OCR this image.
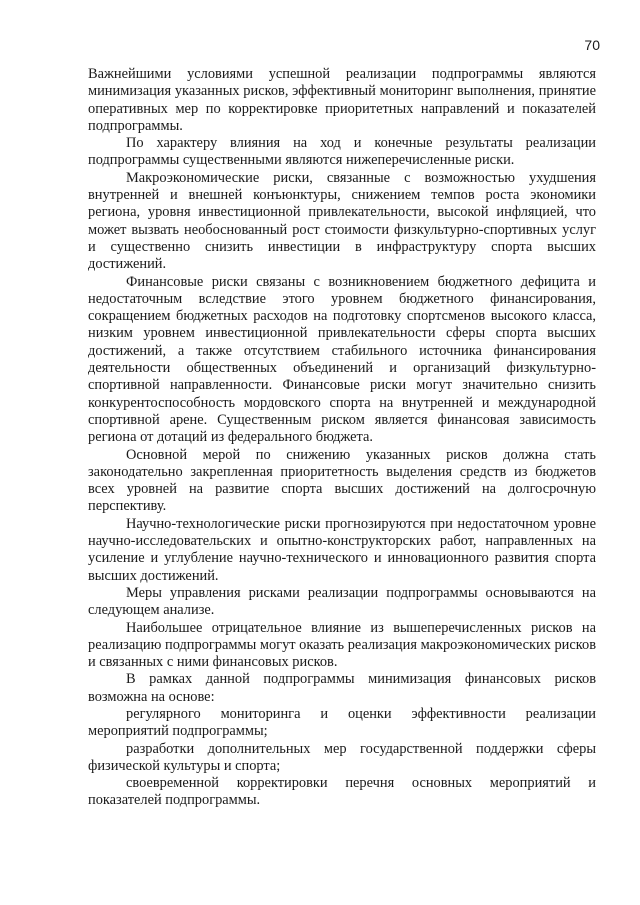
70

Важнейшими условиями успешной реализации подпрограммы являются минимизация указанных рисков, эффективный мониторинг выполнения, принятие оперативных мер по корректировке приоритетных направлений и показателей подпрограммы.

По характеру влияния на ход и конечные результаты реализации подпрограммы существенными являются нижеперечисленные риски.

Макроэкономические риски, связанные с возможностью ухудшения внутренней и внешней конъюнктуры, снижением темпов роста экономики региона, уровня инвестиционной привлекательности, высокой инфляцией, что может вызвать необоснованный рост стоимости физкультурно-спортивных услуг и существенно снизить инвестиции в инфраструктуру спорта высших достижений.

Финансовые риски связаны с возникновением бюджетного дефицита и недостаточным вследствие этого уровнем бюджетного финансирования, сокращением бюджетных расходов на подготовку спортсменов высокого класса, низким уровнем инвестиционной привлекательности сферы спорта высших достижений, а также отсутствием стабильного источника финансирования деятельности общественных объединений и организаций физкультурно-спортивной направленности. Финансовые риски могут значительно снизить конкурентоспособность мордовского спорта на внутренней и международной спортивной арене. Существенным риском является финансовая зависимость региона от дотаций из федерального бюджета.

Основной мерой по снижению указанных рисков должна стать законодательно закрепленная приоритетность выделения средств из бюджетов всех уровней на развитие спорта высших достижений на долгосрочную перспективу.

Научно-технологические риски прогнозируются при недостаточном уровне научно-исследовательских и опытно-конструкторских работ, направленных на усиление и углубление научно-технического и инновационного развития спорта высших достижений.

Меры управления рисками реализации подпрограммы основываются на следующем анализе.

Наибольшее отрицательное влияние из вышеперечисленных рисков на реализацию подпрограммы могут оказать реализация макроэкономических рисков и связанных с ними финансовых рисков.

В рамках данной подпрограммы минимизация финансовых рисков возможна на основе:

регулярного мониторинга и оценки эффективности реализации мероприятий подпрограммы;

разработки дополнительных мер государственной поддержки сферы физической культуры и спорта;

своевременной корректировки перечня основных мероприятий и показателей подпрограммы.
